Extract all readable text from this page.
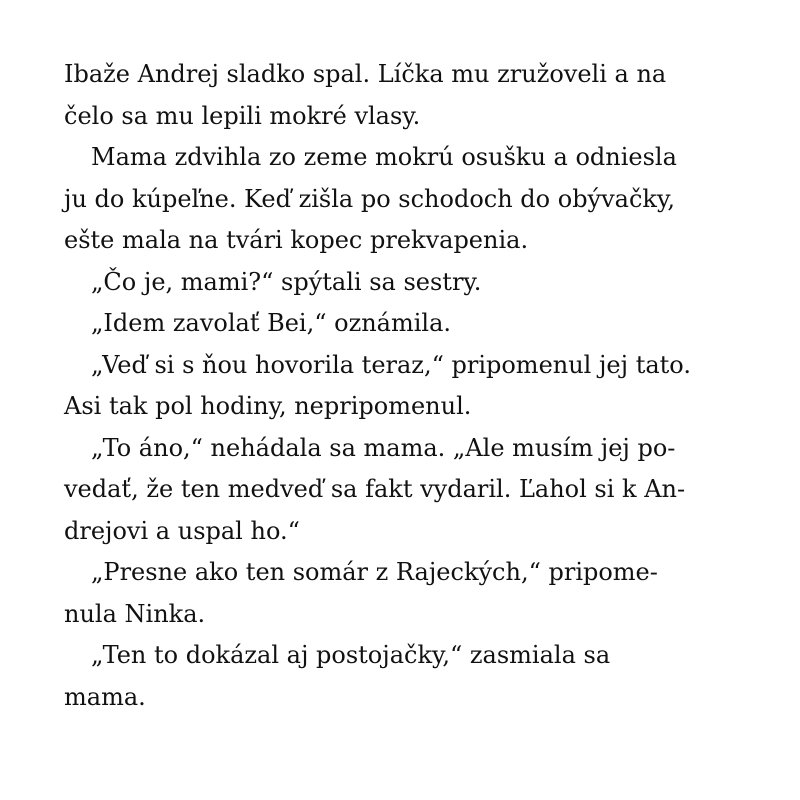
Ibaže Andrej sladko spal. Líčka mu zružoveli a na
čelo sa mu lepili mokré vlasy.
Mama zdvihla zo zeme mokrú osušku a odniesla
ju do kúpeľne. Keď zišla po schodoch do obývačky,
ešte mala na tvári kopec prekvapenia.
„Čo je, mami?“ spýtali sa sestry.
„Idem zavolať Bei,“ oznámila.
„Veď si s ňou hovorila teraz,“ pripomenul jej tato.
Asi tak pol hodiny, nepripomenul.
„To áno,“ nehádala sa mama. „Ale musím jej po-
vedať, že ten medveď sa fakt vydaril. Ľahol si k An-
drejovi a uspal ho.“
„Presne ako ten somár z Rajeckých,“ pripome-
nula Ninka.
„Ten to dokázal aj postojačky,“ zasmiala sa
mama.
